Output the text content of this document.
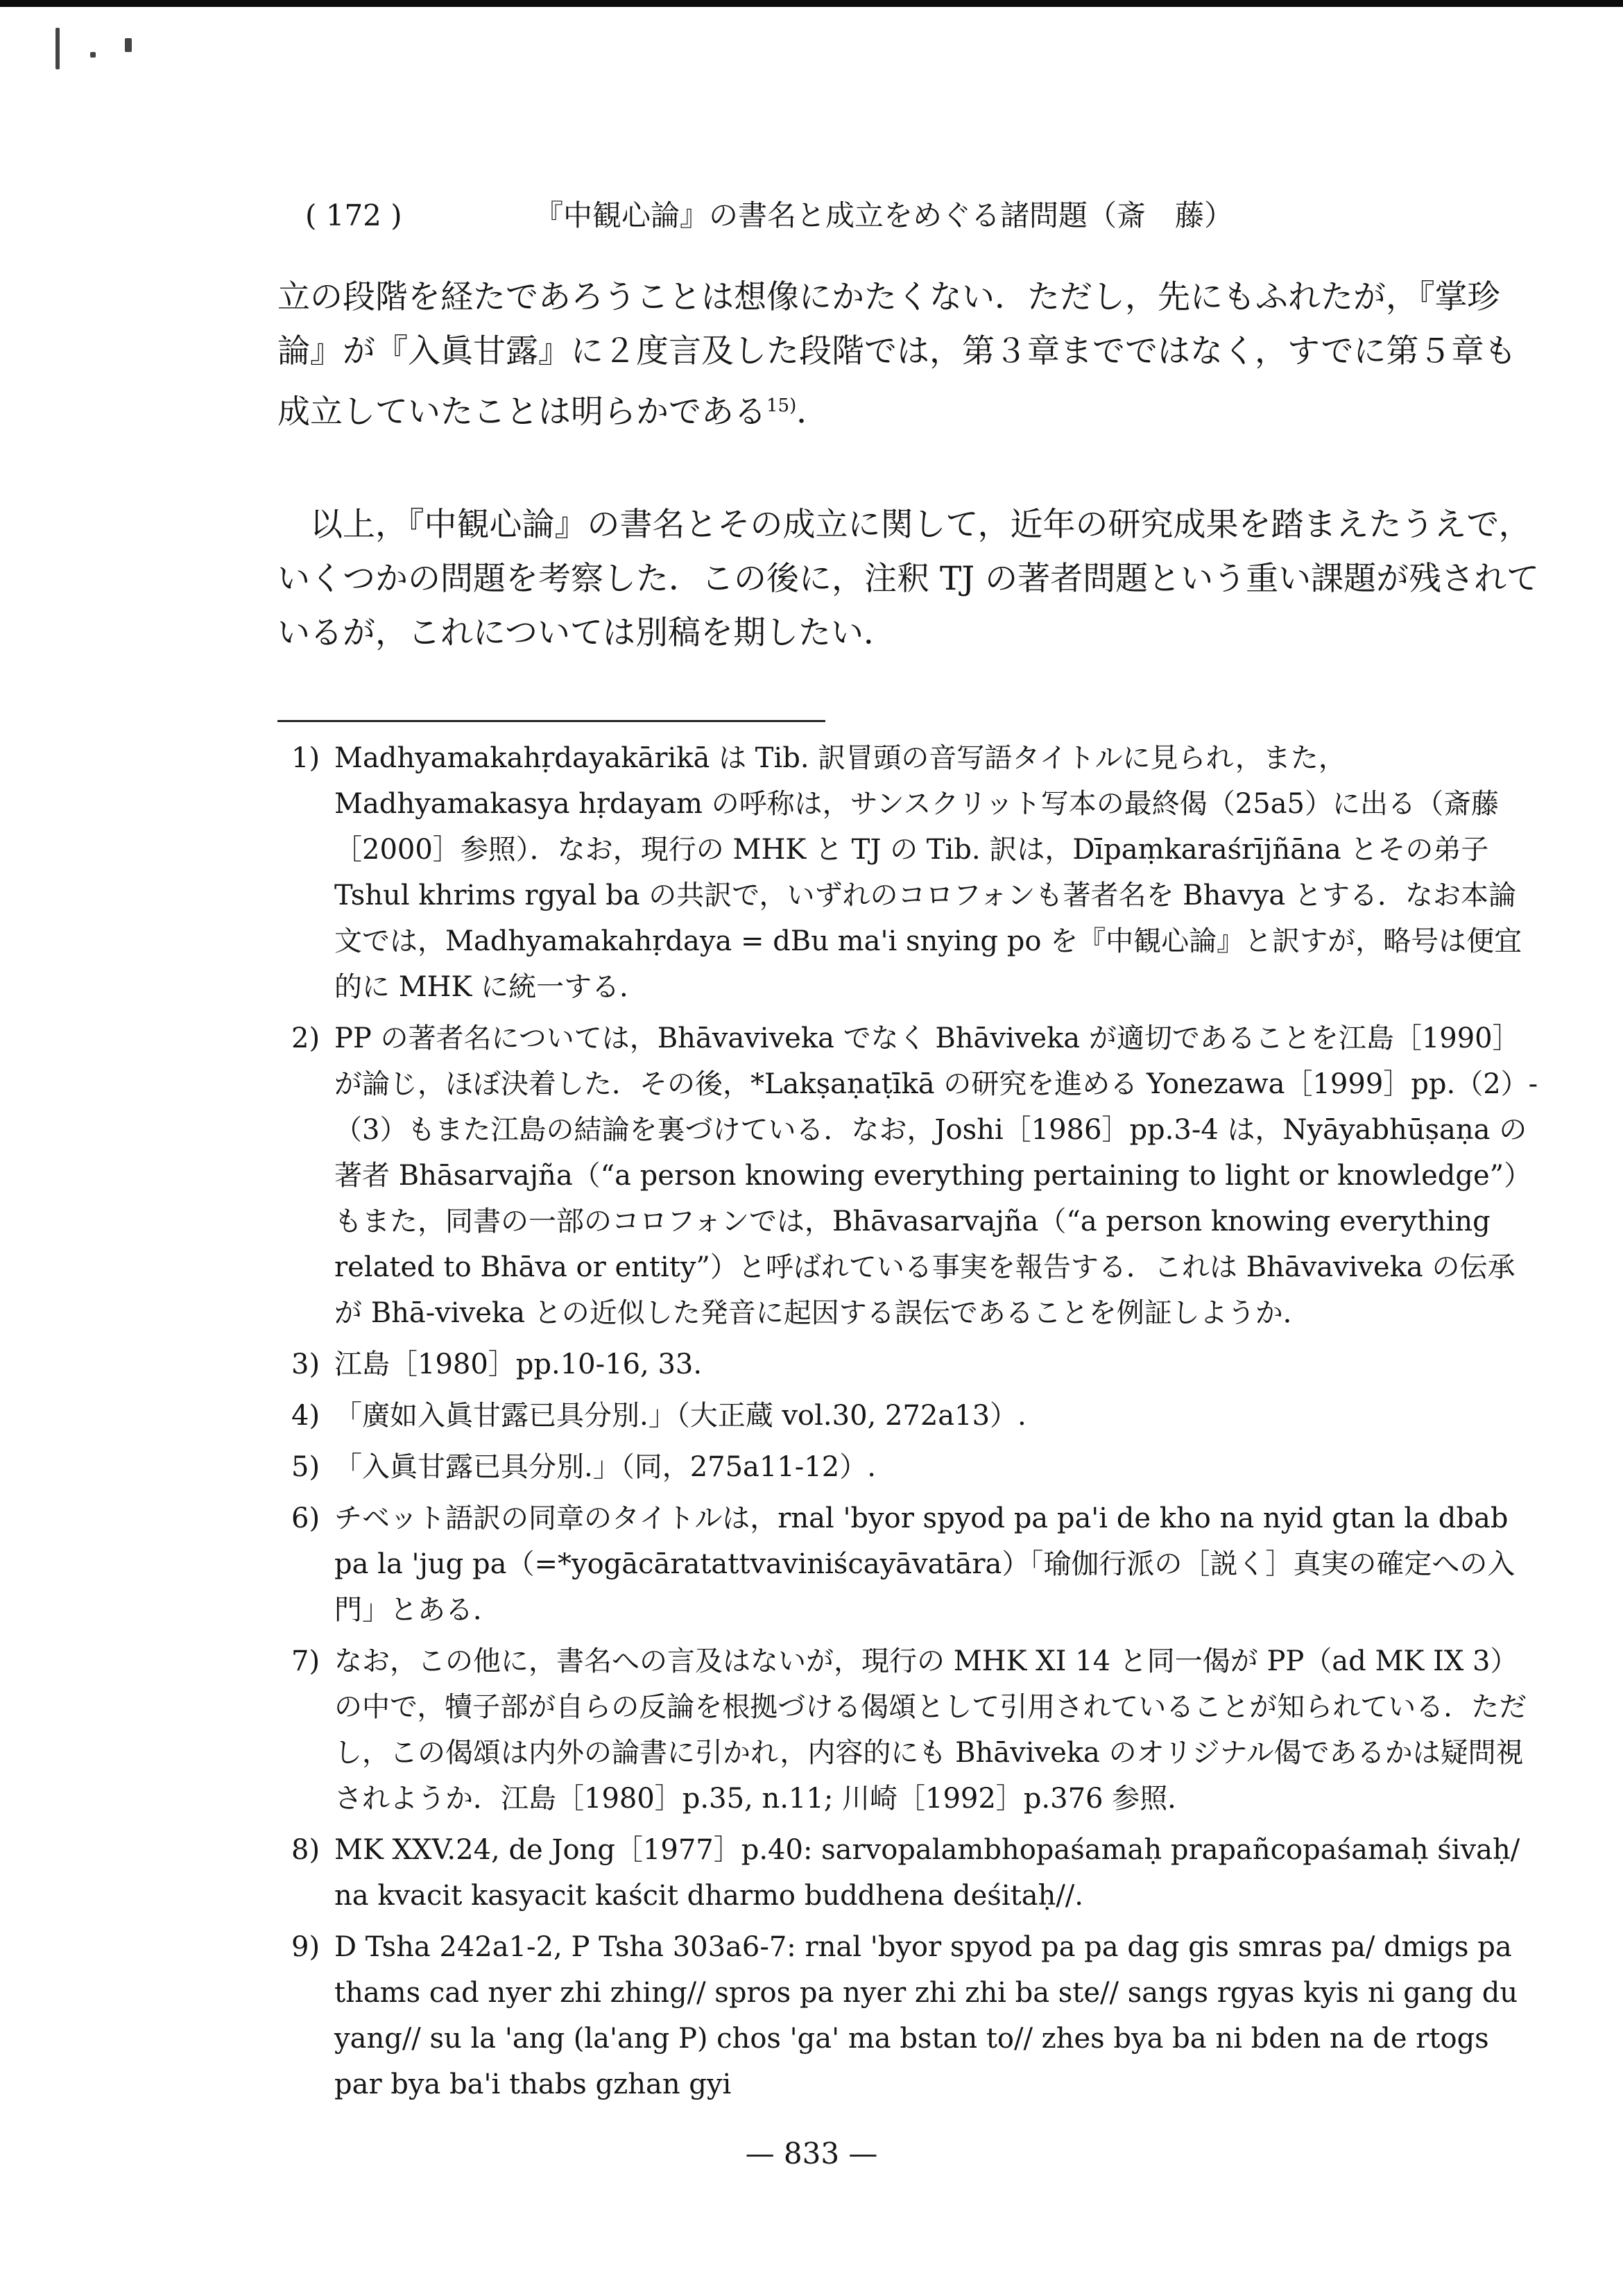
( 172 )	『中観心論』の書名と成立をめぐる諸問題（斎　藤）

立の段階を経たであろうことは想像にかたくない．ただし，先にもふれたが，『掌珍論』が『入眞甘露』に２度言及した段階では，第３章までではなく，すでに第５章も成立していたことは明らかである$^{15)}$．

以上，『中観心論』の書名とその成立に関して，近年の研究成果を踏まえたうえで，いくつかの問題を考察した．この後に，注釈 TJ の著者問題という重い課題が残されているが，これについては別稿を期したい．

1) Madhyamakahṛdayakārikā は Tib. 訳冒頭の音写語タイトルに見られ，また，Madhyamakasya hṛdayam の呼称は，サンスクリット写本の最終偈（25a5）に出る（斎藤［2000］参照）．なお，現行の MHK と TJ の Tib. 訳は，Dīpaṃkaraśrījñāna とその弟子 Tshul khrims rgyal ba の共訳で，いずれのコロフォンも著者名を Bhavya とする．なお本論文では，Madhyamakahṛdaya = dBu ma'i snying po を『中観心論』と訳すが，略号は便宜的に MHK に統一する．
2) PP の著者名については，Bhāvaviveka でなく Bhāviveka が適切であることを江島［1990］が論じ，ほぼ決着した．その後，*Lakṣaṇaṭīkā の研究を進める Yonezawa［1999］pp.（2）-（3）もまた江島の結論を裏づけている．なお，Joshi［1986］pp.3-4 は，Nyāyabhūṣaṇa の著者 Bhāsarvajña（“a person knowing everything pertaining to light or knowledge”）もまた，同書の一部のコロフォンでは，Bhāvasarvajña（“a person knowing everything related to Bhāva or entity”）と呼ばれている事実を報告する．これは Bhāvaviveka の伝承が Bhā-viveka との近似した発音に起因する誤伝であることを例証しようか．
3) 江島［1980］pp.10-16, 33.
4) 「廣如入眞甘露已具分別.」（大正蔵 vol.30, 272a13）.
5) 「入眞甘露已具分別.」（同，275a11-12）.
6) チベット語訳の同章のタイトルは，rnal 'byor spyod pa pa'i de kho na nyid gtan la dbab pa la 'jug pa（=*yogācāratattvaviniścayāvatāra）「瑜伽行派の［説く］真実の確定への入門」とある．
7) なお，この他に，書名への言及はないが，現行の MHK XI 14 と同一偈が PP（ad MK IX 3）の中で，犢子部が自らの反論を根拠づける偈頌として引用されていることが知られている．ただし，この偈頌は内外の論書に引かれ，内容的にも Bhāviveka のオリジナル偈であるかは疑問視されようか．江島［1980］p.35, n.11; 川崎［1992］p.376 参照．
8) MK XXV.24, de Jong［1977］p.40: sarvopalambhopaśamaḥ prapañcopaśamaḥ śivaḥ/ na kvacit kasyacit kaścit dharmo buddhena deśitaḥ//.
9) D Tsha 242a1-2, P Tsha 303a6-7: rnal 'byor spyod pa pa dag gis smras pa/ dmigs pa thams cad nyer zhi zhing// spros pa nyer zhi zhi ba ste// sangs rgyas kyis ni gang du yang// su la 'ang (la'ang P) chos 'ga' ma bstan to// zhes bya ba ni bden na de rtogs par bya ba'i thabs gzhan gyi
— 833 —
